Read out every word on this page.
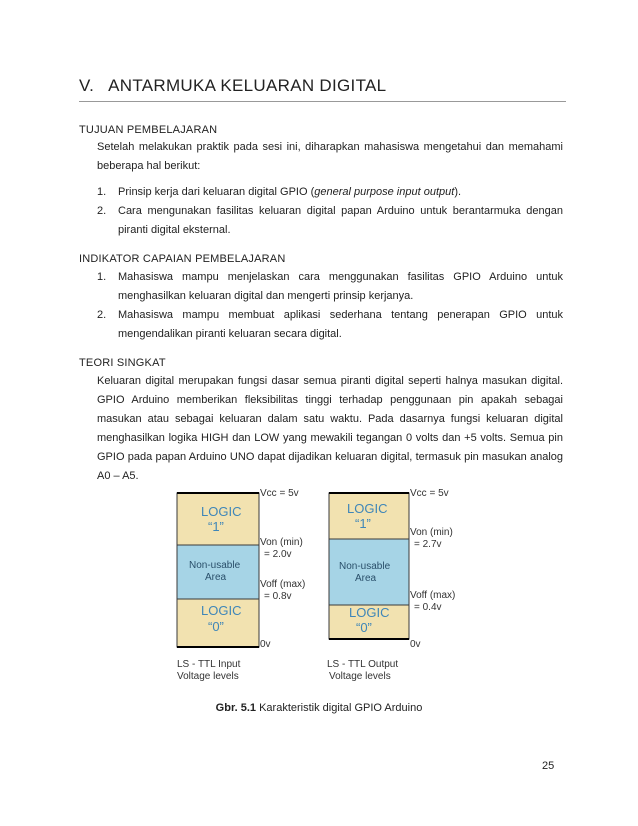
V. ANTARMUKA KELUARAN DIGITAL
TUJUAN PEMBELAJARAN
Setelah melakukan praktik pada sesi ini, diharapkan mahasiswa mengetahui dan memahami beberapa hal berikut:
1. Prinsip kerja dari keluaran digital GPIO (general purpose input output).
2. Cara mengunakan fasilitas keluaran digital papan Arduino untuk berantarmuka dengan piranti digital eksternal.
INDIKATOR CAPAIAN PEMBELAJARAN
1. Mahasiswa mampu menjelaskan cara menggunakan fasilitas GPIO Arduino untuk menghasilkan keluaran digital dan mengerti prinsip kerjanya.
2. Mahasiswa mampu membuat aplikasi sederhana tentang penerapan GPIO untuk mengendalikan piranti keluaran secara digital.
TEORI SINGKAT
Keluaran digital merupakan fungsi dasar semua piranti digital seperti halnya masukan digital. GPIO Arduino memberikan fleksibilitas tinggi terhadap penggunaan pin apakah sebagai masukan atau sebagai keluaran dalam satu waktu. Pada dasarnya fungsi keluaran digital menghasilkan logika HIGH dan LOW yang mewakili tegangan 0 volts dan +5 volts. Semua pin GPIO pada papan Arduino UNO dapat dijadikan keluaran digital, termasuk pin masukan analog A0 – A5.
LOGIC
“1”
Non-usable
Area
LOGIC
“0”
Vcc = 5v
Von (min)
= 2.0v
Voff (max)
= 0.8v
0v
LS - TTL Input
Voltage levels
LOGIC
“1”
Non-usable
Area
LOGIC
“0”
Vcc = 5v
Von (min)
= 2.7v
Voff (max)
= 0.4v
0v
LS - TTL Output
Voltage levels
Gbr. 5.1 Karakteristik digital GPIO Arduino
25
